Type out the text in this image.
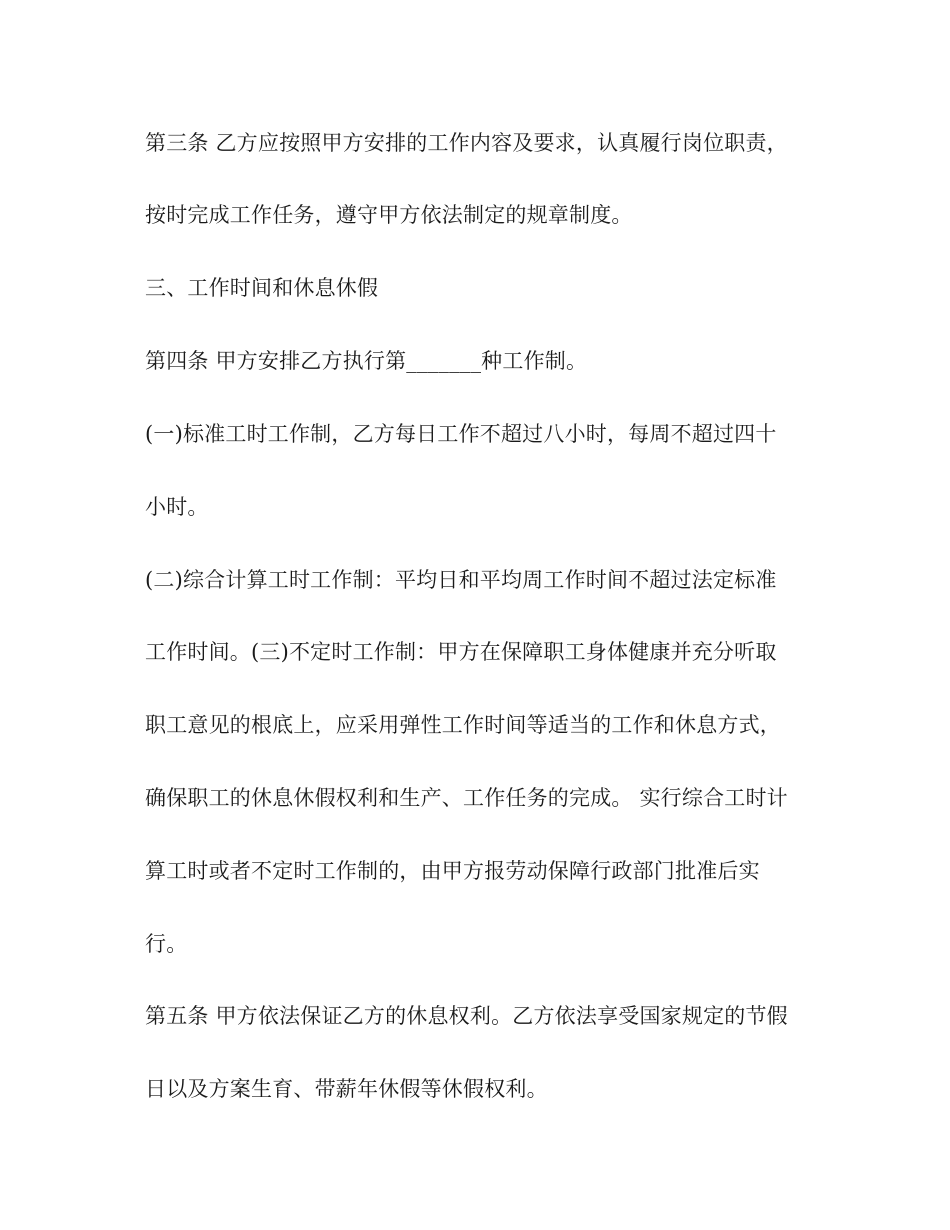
第三条 乙方应按照甲方安排的工作内容及要求，认真履行岗位职责，
按时完成工作任务，遵守甲方依法制定的规章制度。
三、工作时间和休息休假
第四条 甲方安排乙方执行第_______种工作制。
(一)标准工时工作制，乙方每日工作不超过八小时，每周不超过四十
小时。
(二)综合计算工时工作制：平均日和平均周工作时间不超过法定标准
工作时间。(三)不定时工作制：甲方在保障职工身体健康并充分听取
职工意见的根底上，应采用弹性工作时间等适当的工作和休息方式，
确保职工的休息休假权利和生产、工作任务的完成。 实行综合工时计
算工时或者不定时工作制的，由甲方报劳动保障行政部门批准后实
行。
第五条 甲方依法保证乙方的休息权利。乙方依法享受国家规定的节假
日以及方案生育、带薪年休假等休假权利。
